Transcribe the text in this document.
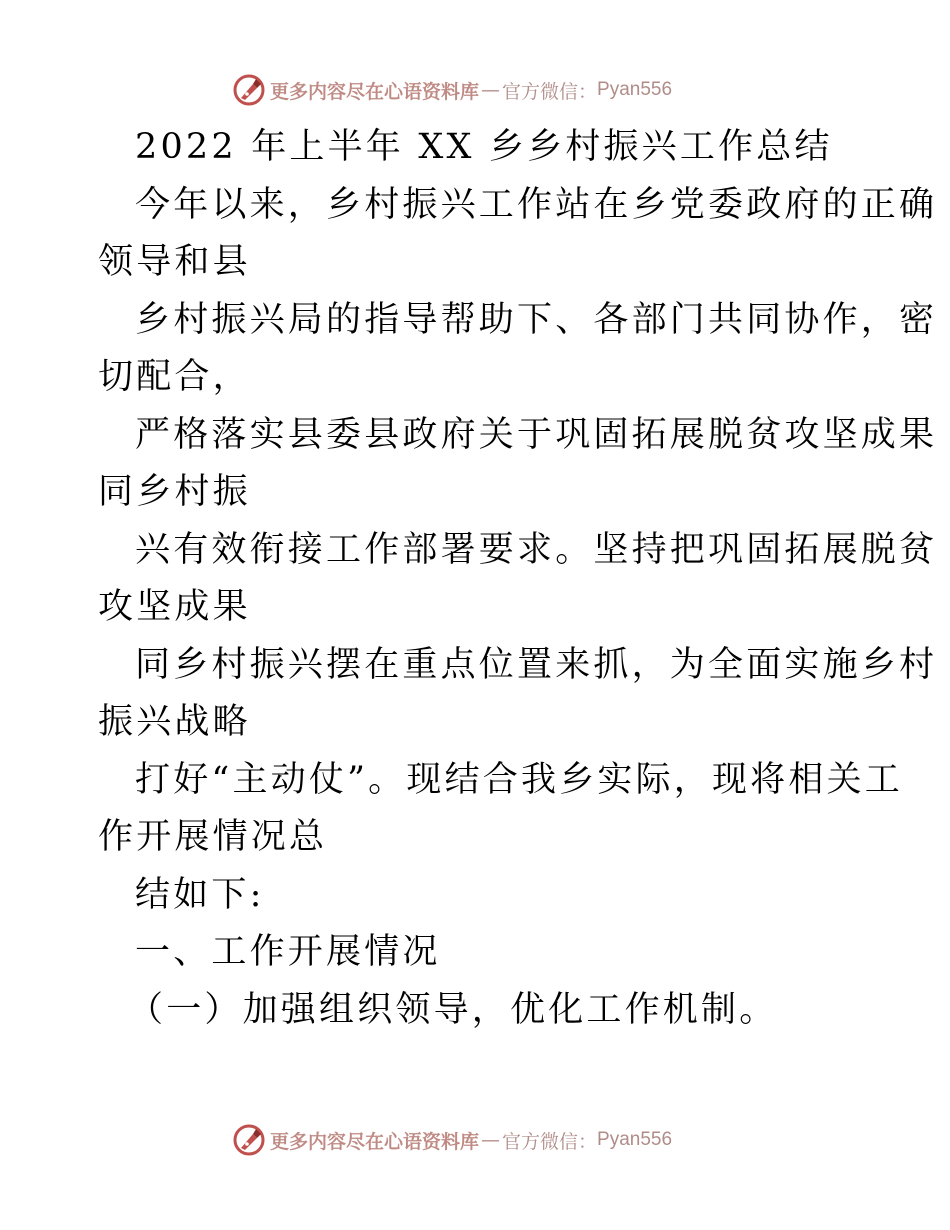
更多内容尽在心语资料库 — 官方微信： Pyan556
2022 年上半年 XX 乡乡村振兴工作总结
今年以来，乡村振兴工作站在乡党委政府的正确
领导和县
乡村振兴局的指导帮助下、各部门共同协作，密
切配合，
严格落实县委县政府关于巩固拓展脱贫攻坚成果
同乡村振
兴有效衔接工作部署要求。坚持把巩固拓展脱贫
攻坚成果
同乡村振兴摆在重点位置来抓，为全面实施乡村
振兴战略
打好“主动仗”。现结合我乡实际，现将相关工
作开展情况总
结如下:
一、工作开展情况
（一）加强组织领导，优化工作机制。
更多内容尽在心语资料库 — 官方微信： Pyan556
